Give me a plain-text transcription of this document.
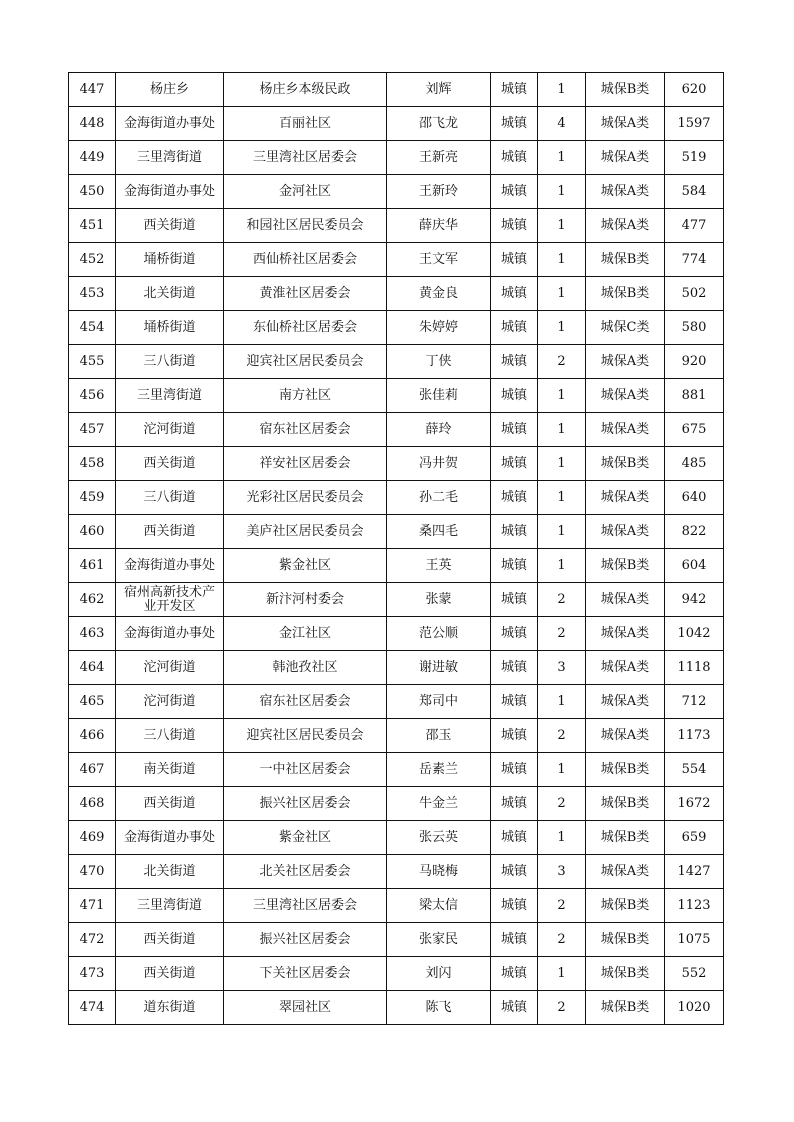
447	杨庄乡	杨庄乡本级民政	刘辉	城镇	1	城保B类	620
448	金海街道办事处	百丽社区	邵飞龙	城镇	4	城保A类	1597
449	三里湾街道	三里湾社区居委会	王新亮	城镇	1	城保A类	519
450	金海街道办事处	金河社区	王新玲	城镇	1	城保A类	584
451	西关街道	和园社区居民委员会	薛庆华	城镇	1	城保A类	477
452	埇桥街道	西仙桥社区居委会	王文军	城镇	1	城保B类	774
453	北关街道	黄淮社区居委会	黄金良	城镇	1	城保B类	502
454	埇桥街道	东仙桥社区居委会	朱婷婷	城镇	1	城保C类	580
455	三八街道	迎宾社区居民委员会	丁侠	城镇	2	城保A类	920
456	三里湾街道	南方社区	张佳莉	城镇	1	城保A类	881
457	沱河街道	宿东社区居委会	薛玲	城镇	1	城保A类	675
458	西关街道	祥安社区居委会	冯井贺	城镇	1	城保B类	485
459	三八街道	光彩社区居民委员会	孙二毛	城镇	1	城保A类	640
460	西关街道	美庐社区居民委员会	桑四毛	城镇	1	城保A类	822
461	金海街道办事处	紫金社区	王英	城镇	1	城保B类	604
462	宿州高新技术产业开发区	新汴河村委会	张蒙	城镇	2	城保A类	942
463	金海街道办事处	金江社区	范公顺	城镇	2	城保A类	1042
464	沱河街道	韩池孜社区	谢进敏	城镇	3	城保A类	1118
465	沱河街道	宿东社区居委会	郑司中	城镇	1	城保A类	712
466	三八街道	迎宾社区居民委员会	邵玉	城镇	2	城保A类	1173
467	南关街道	一中社区居委会	岳素兰	城镇	1	城保B类	554
468	西关街道	振兴社区居委会	牛金兰	城镇	2	城保B类	1672
469	金海街道办事处	紫金社区	张云英	城镇	1	城保B类	659
470	北关街道	北关社区居委会	马晓梅	城镇	3	城保A类	1427
471	三里湾街道	三里湾社区居委会	梁太信	城镇	2	城保B类	1123
472	西关街道	振兴社区居委会	张家民	城镇	2	城保B类	1075
473	西关街道	下关社区居委会	刘闪	城镇	1	城保B类	552
474	道东街道	翠园社区	陈飞	城镇	2	城保B类	1020
